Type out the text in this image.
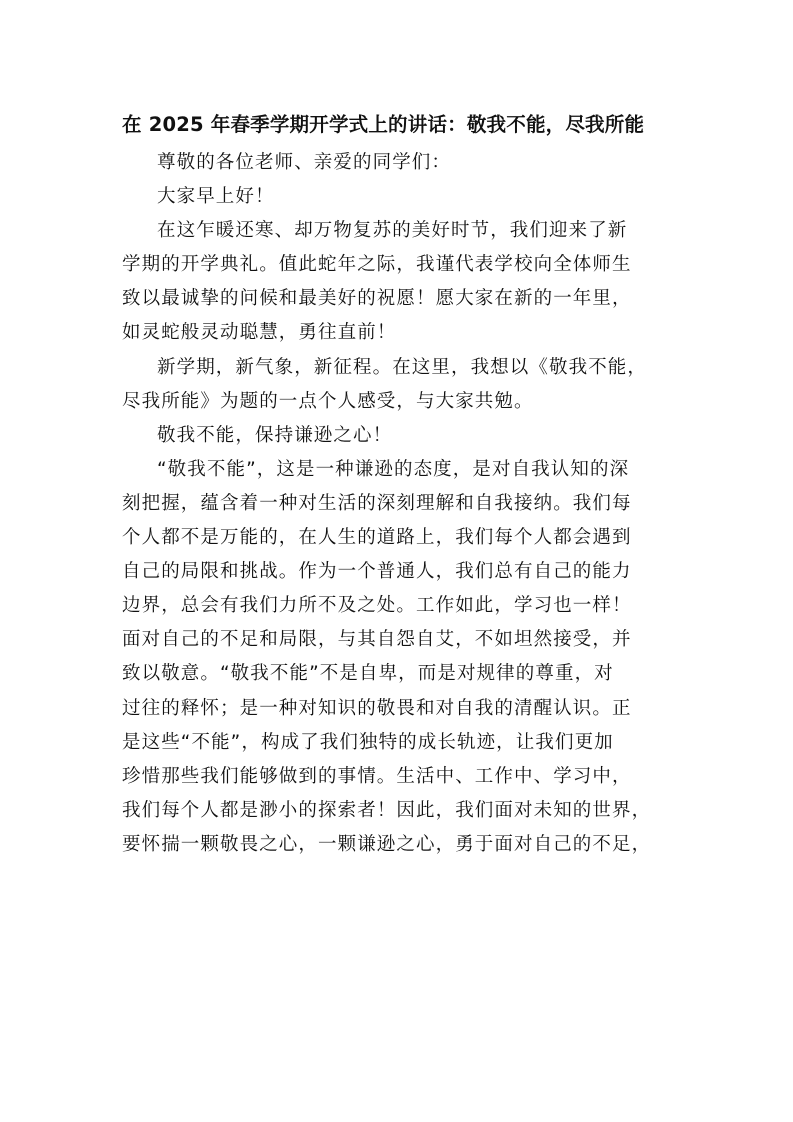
在 2025 年春季学期开学式上的讲话：敬我不能，尽我所能

尊敬的各位老师、亲爱的同学们：

大家早上好！

在这乍暖还寒、却万物复苏的美好时节，我们迎来了新
学期的开学典礼。值此蛇年之际，我谨代表学校向全体师生
致以最诚挚的问候和最美好的祝愿！愿大家在新的一年里，
如灵蛇般灵动聪慧，勇往直前！

新学期，新气象，新征程。在这里，我想以《敬我不能，
尽我所能》为题的一点个人感受，与大家共勉。

敬我不能，保持谦逊之心！

“敬我不能”，这是一种谦逊的态度，是对自我认知的深
刻把握，蕴含着一种对生活的深刻理解和自我接纳。我们每
个人都不是万能的，在人生的道路上，我们每个人都会遇到
自己的局限和挑战。作为一个普通人，我们总有自己的能力
边界，总会有我们力所不及之处。工作如此，学习也一样！
面对自己的不足和局限，与其自怨自艾，不如坦然接受，并
致以敬意。“敬我不能”不是自卑，而是对规律的尊重，对
过往的释怀；是一种对知识的敬畏和对自我的清醒认识。正
是这些“不能”，构成了我们独特的成长轨迹，让我们更加
珍惜那些我们能够做到的事情。生活中、工作中、学习中，
我们每个人都是渺小的探索者！因此，我们面对未知的世界，
要怀揣一颗敬畏之心，一颗谦逊之心，勇于面对自己的不足，
